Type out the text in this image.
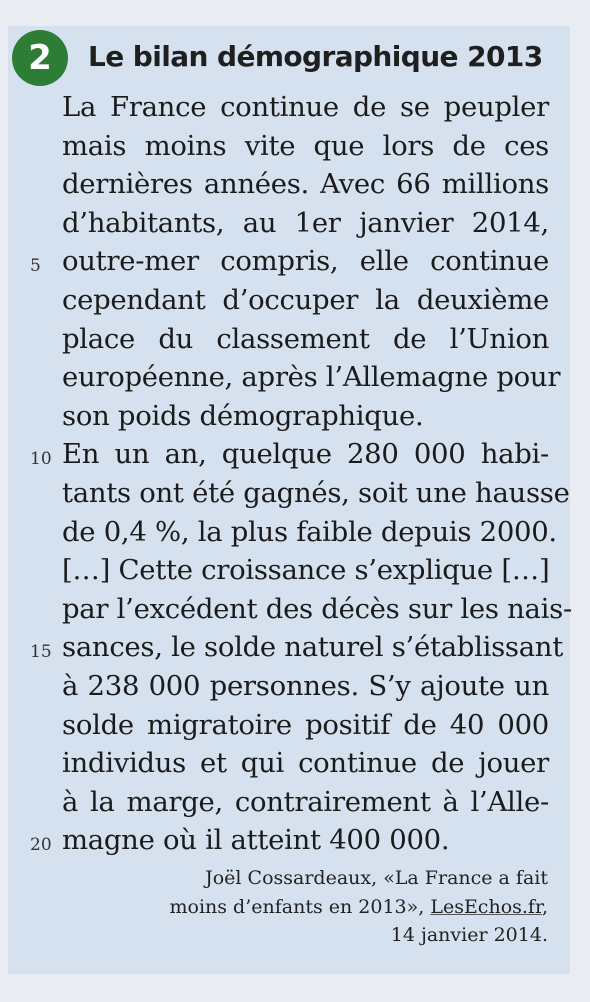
2 Le bilan démographique 2013
La France continue de se peupler
mais moins vite que lors de ces
dernières années. Avec 66 millions
d’habitants, au 1er janvier 2014,
outre-mer compris, elle continue
cependant d’occuper la deuxième
place du classement de l’Union
européenne, après l’Allemagne pour
son poids démographique.
En un an, quelque 280 000 habi-
tants ont été gagnés, soit une hausse
de 0,4 %, la plus faible depuis 2000.
[…] Cette croissance s’explique […]
par l’excédent des décès sur les nais-
sances, le solde naturel s’établissant
à 238 000 personnes. S’y ajoute un
solde migratoire positif de 40 000
individus et qui continue de jouer
à la marge, contrairement à l’Alle-
magne où il atteint 400 000.
5
10
15
20
Joël Cossardeaux, «La France a fait
moins d’enfants en 2013», LesEchos.fr,
14 janvier 2014.
